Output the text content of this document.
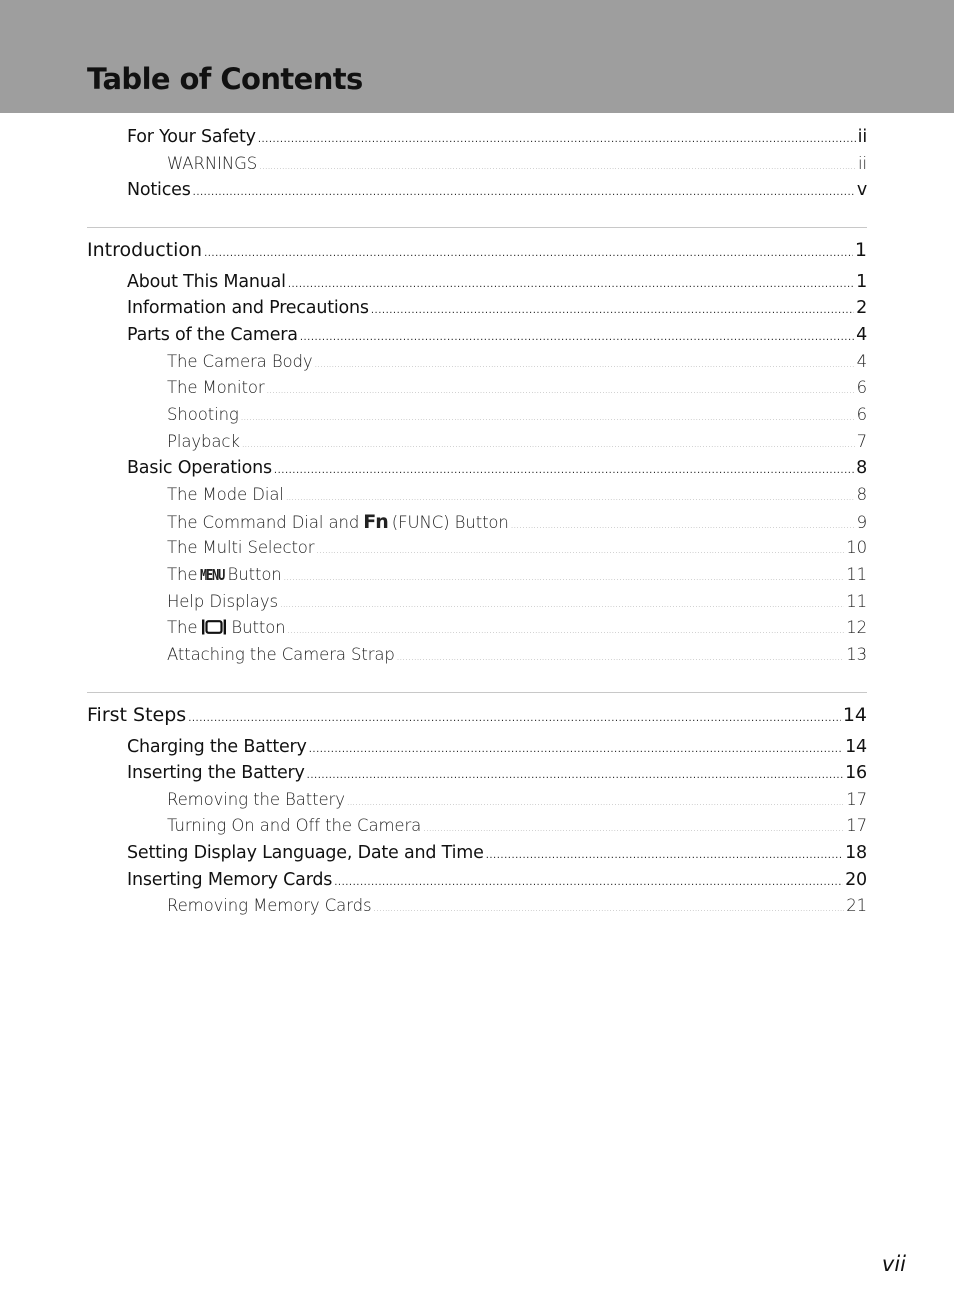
Table of Contents
For Your Safety .....	ii
WARNINGS .....	ii
Notices .....	v
Introduction .....	1
About This Manual .....	1
Information and Precautions .....	2
Parts of the Camera .....	4
The Camera Body .....	4
The Monitor .....	6
Shooting .....	6
Playback .....	7
Basic Operations .....	8
The Mode Dial .....	8
The Command Dial and Fn (FUNC) Button .....	9
The Multi Selector .....	10
The MENU Button .....	11
Help Displays .....	11
The Button .....	12
Attaching the Camera Strap .....	13
First Steps .....	14
Charging the Battery .....	14
Inserting the Battery .....	16
Removing the Battery .....	17
Turning On and Off the Camera .....	17
Setting Display Language, Date and Time .....	18
Inserting Memory Cards .....	20
Removing Memory Cards .....	21
vii
